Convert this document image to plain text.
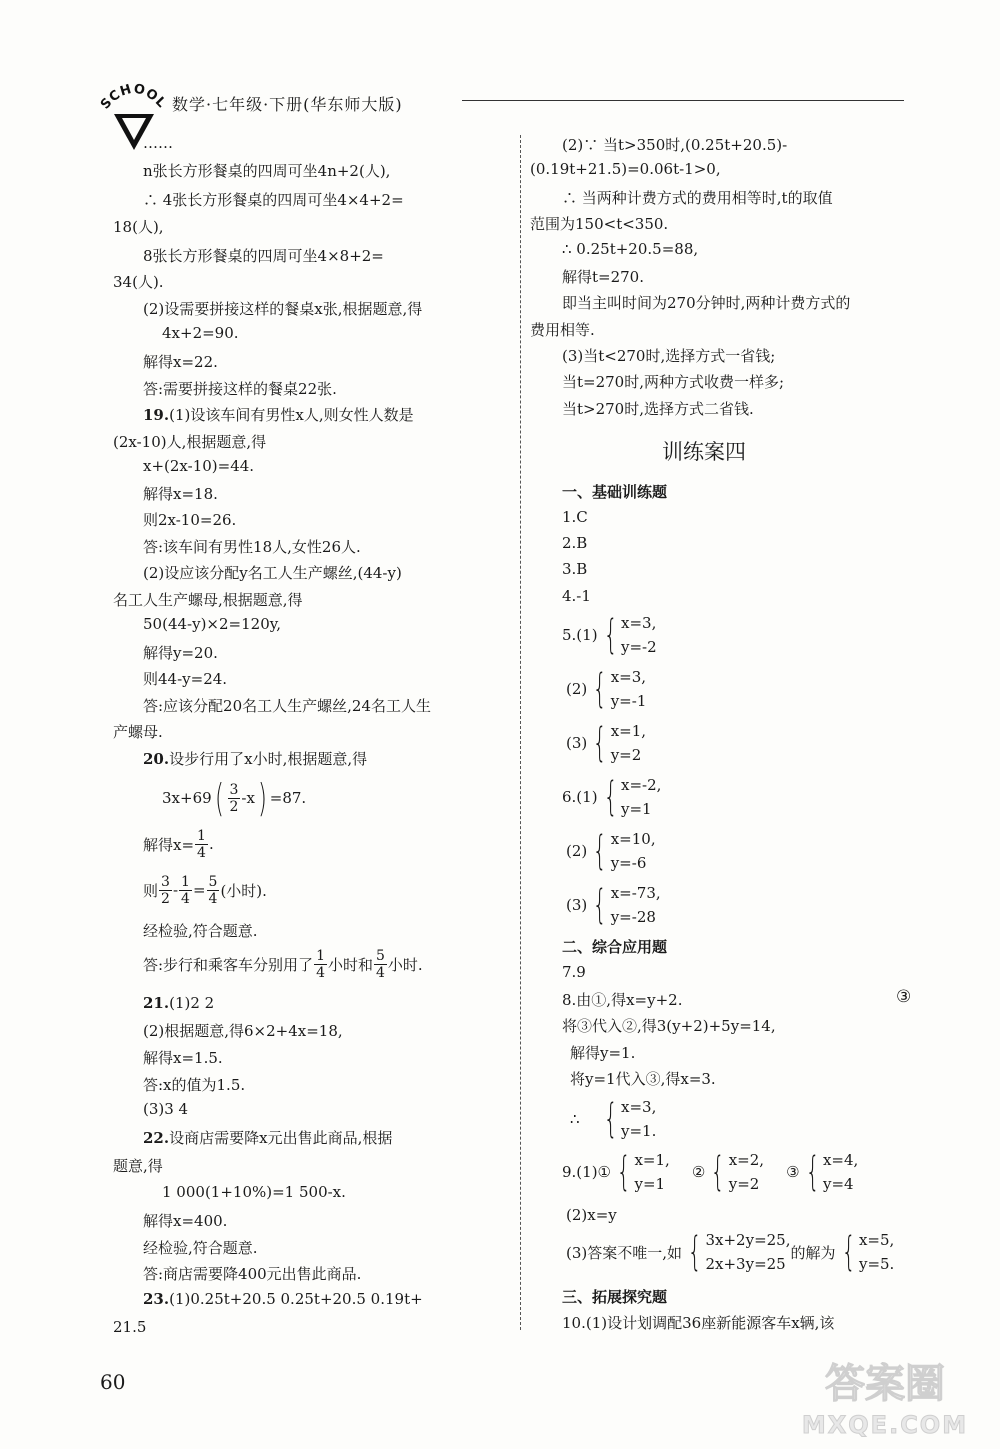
SCHOOL 数学·七年级·下册(华东师大版)
……
n张长方形餐桌的四周可坐4n+2(人),
∴ 4张长方形餐桌的四周可坐4×4+2=
18(人),
8张长方形餐桌的四周可坐4×8+2=
34(人).
(2)设需要拼接这样的餐桌x张,根据题意,得
4x+2=90.
解得x=22.
答:需要拼接这样的餐桌22张.
19.(1)设该车间有男性x人,则女性人数是
(2x-10)人,根据题意,得
x+(2x-10)=44.
解得x=18.
则2x-10=26.
答:该车间有男性18人,女性26人.
(2)设应该分配y名工人生产螺丝,(44-y)
名工人生产螺母,根据题意,得
50(44-y)×2=120y,
解得y=20.
则44-y=24.
答:应该分配20名工人生产螺丝,24名工人生
产螺母.
20.设步行用了x小时,根据题意,得
3x+69 ( $\frac{3}{2} -x$ ) =87.
解得$x= \frac{1}{4}$ .
则 $\frac{3}{2} - \frac{1}{4} = \frac{5}{4}$ (小时).
经检验,符合题意.
答:步行和乘客车分别用了 $\frac{1}{4}$ 小时和 $\frac{5}{4}$ 小时.
21.(1)2 2
(2)根据题意,得6×2+4x=18,
解得x=1.5.
答:x的值为1.5.
(3)3 4
22.设商店需要降x元出售此商品,根据
题意,得
1 000(1+10%)=1 500-x.
解得x=400.
经检验,符合题意.
答:商店需要降400元出售此商品.
23.(1)0.25t+20.5 0.25t+20.5 0.19t+
21.5
(2)∵ 当t>350时,(0.25t+20.5)-
(0.19t+21.5)=0.06t-1>0,
∴ 当两种计费方式的费用相等时,t的取值
范围为150<t<350.
∴ 0.25t+20.5=88,
解得t=270.
即当主叫时间为270分钟时,两种计费方式的
费用相等.
(3)当t<270时,选择方式一省钱;
当t=270时,两种方式收费一样多;
当t>270时,选择方式二省钱.
训练案四
一、基础训练题
1.C
2.B
3.B
4.-1
5.(1) { x=3,
y=-2
(2) { x=3,
y=-1
(3) { x=1,
y=2
6.(1) { x=-2,
y=1
(2) { x=10,
y=-6
(3) { x=-73,
y=-28
二、综合应用题
7.9
8.由①,得x=y+2.	③
将③代入②,得3(y+2)+5y=14,
解得y=1.
将y=1代入③,得x=3.
∴ { x=3,
y=1.
9.(1)① { x=1,
y=1
② { x=2,
y=2
③ { x=4,
y=4
(2)x=y
(3)答案不唯一,如 { 3x+2y=25,
2x+3y=25
的解为 { x=5,
y=5.
三、拓展探究题
10.(1)设计划调配36座新能源客车x辆,该
60	答案圈
MXQE.COM
